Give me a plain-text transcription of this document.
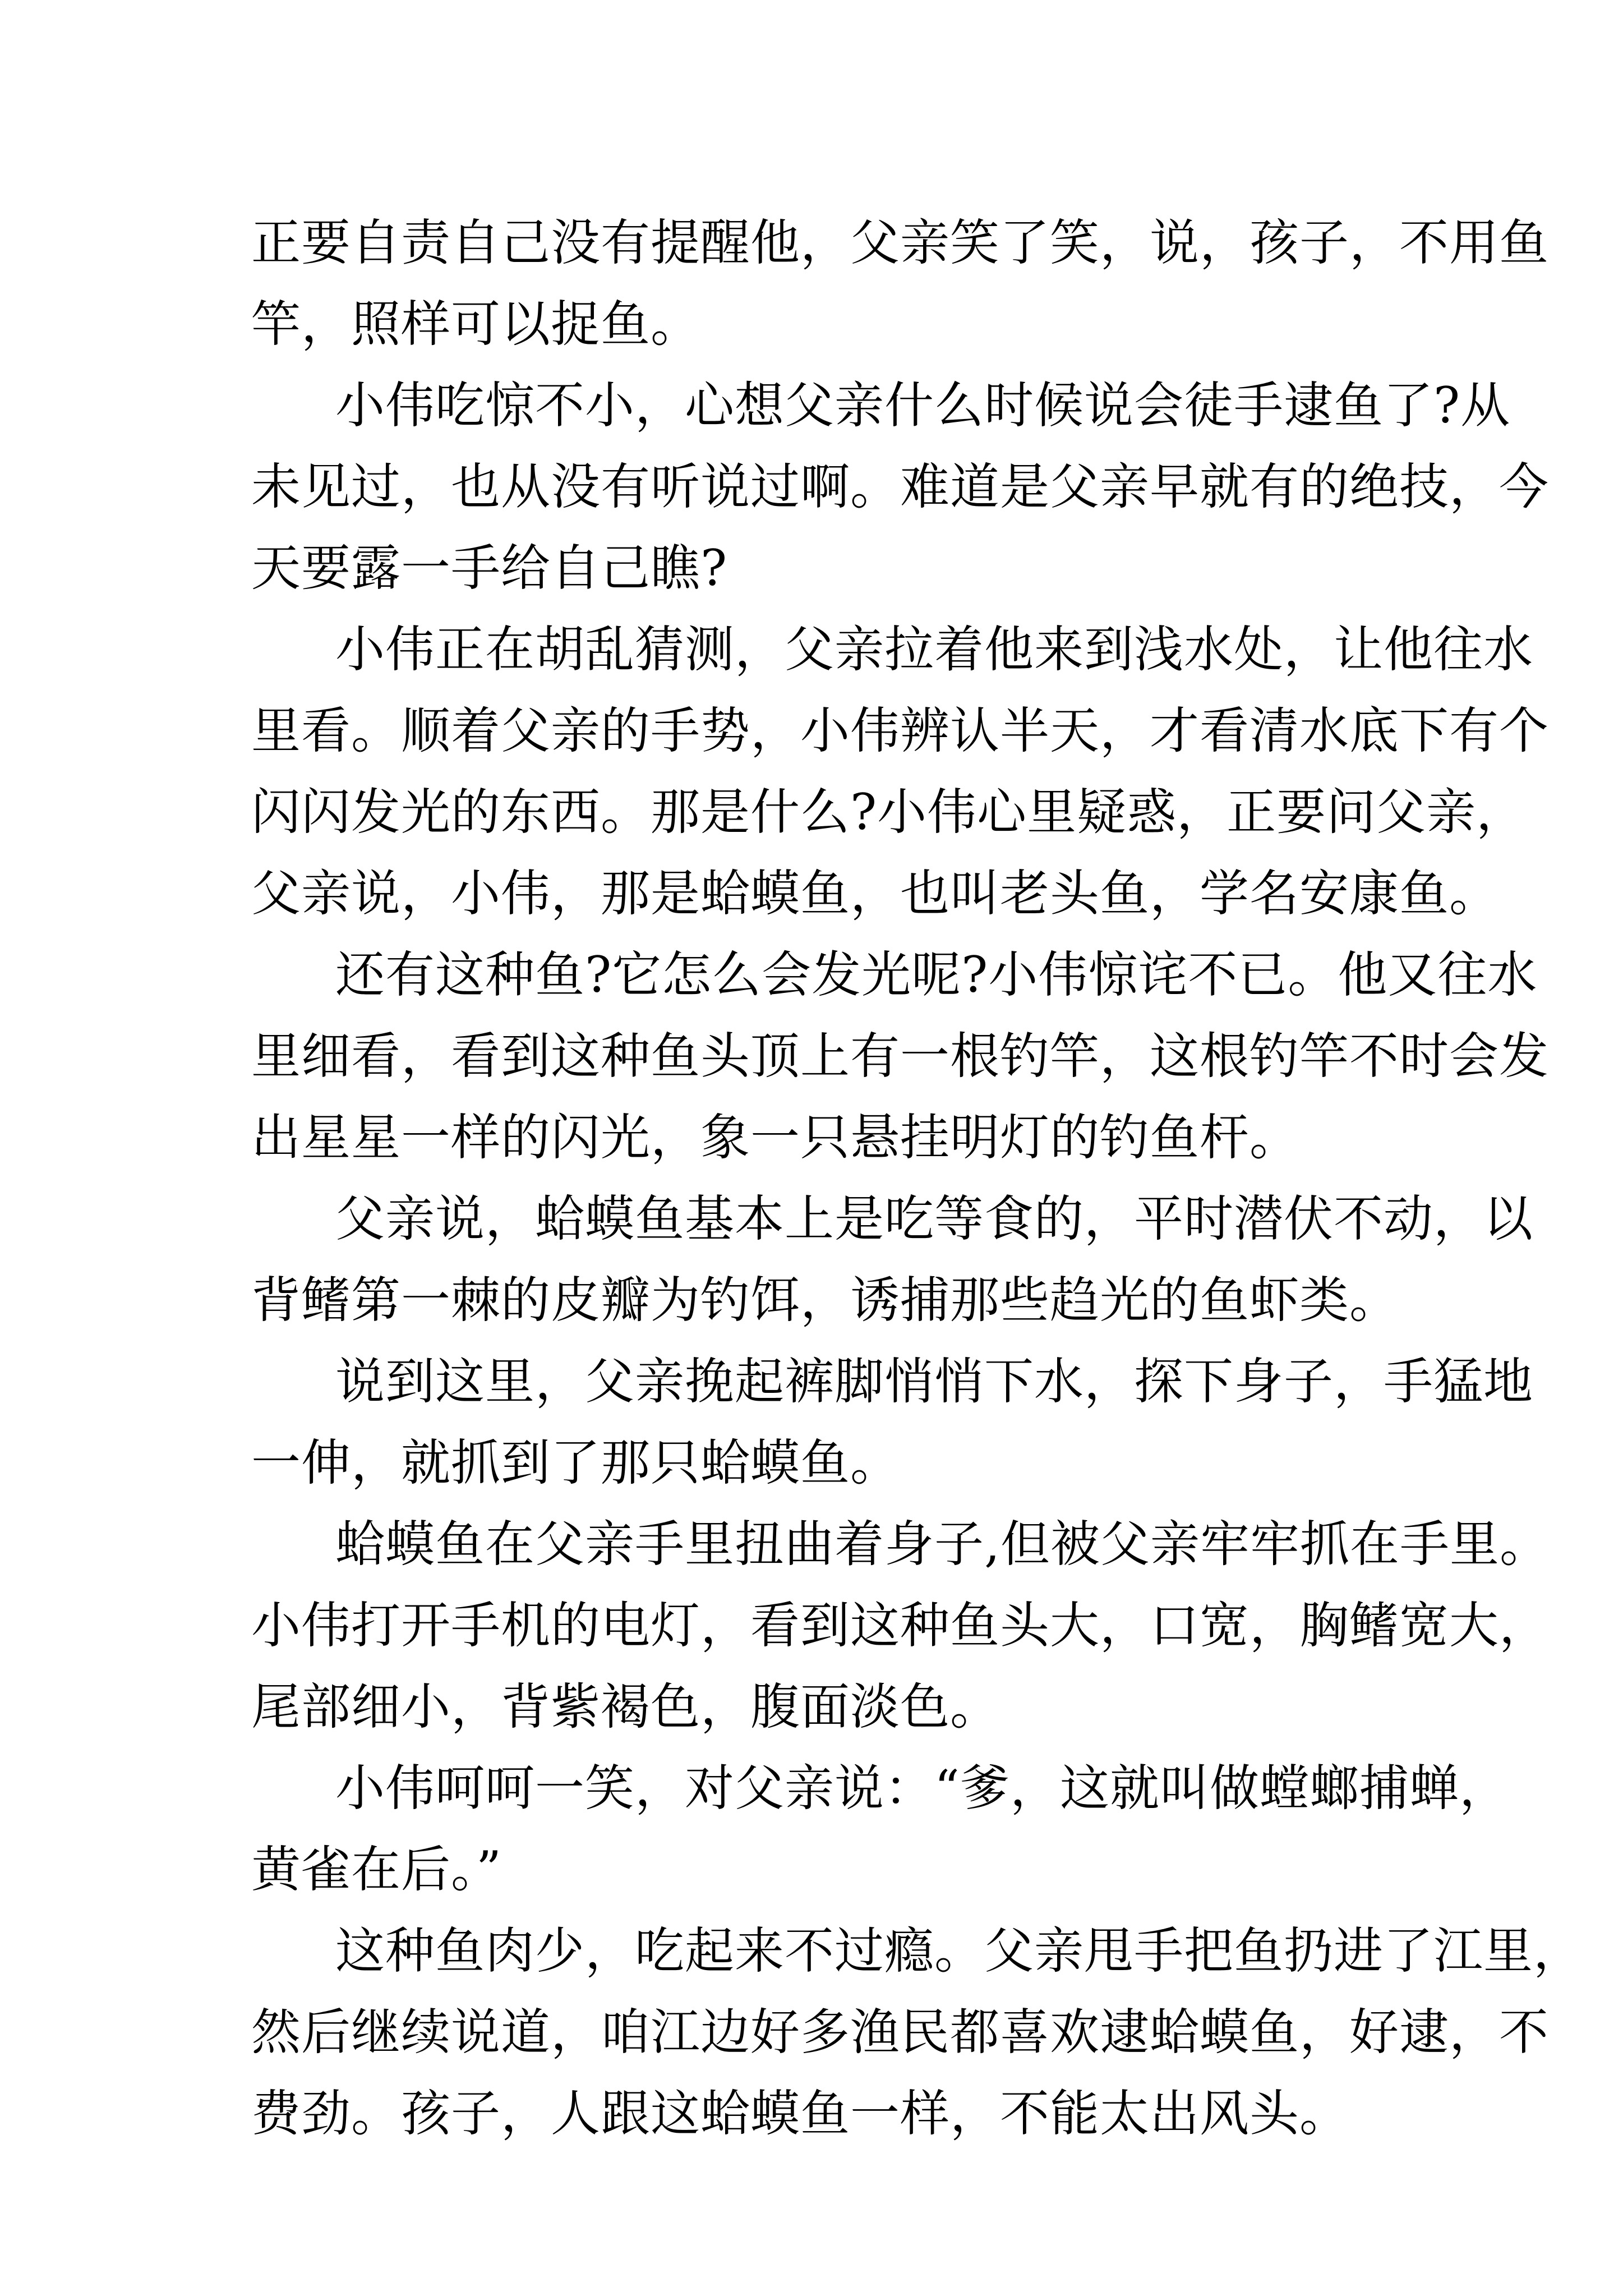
正要自责自己没有提醒他，父亲笑了笑，说，孩子，不用鱼
竿，照样可以捉鱼。
小伟吃惊不小，心想父亲什么时候说会徒手逮鱼了?从
未见过，也从没有听说过啊。难道是父亲早就有的绝技，今
天要露一手给自己瞧?
小伟正在胡乱猜测，父亲拉着他来到浅水处，让他往水
里看。顺着父亲的手势，小伟辨认半天，才看清水底下有个
闪闪发光的东西。那是什么?小伟心里疑惑，正要问父亲，
父亲说，小伟，那是蛤蟆鱼，也叫老头鱼，学名安康鱼。
还有这种鱼?它怎么会发光呢?小伟惊诧不已。他又往水
里细看，看到这种鱼头顶上有一根钓竿，这根钓竿不时会发
出星星一样的闪光，象一只悬挂明灯的钓鱼杆。
父亲说，蛤蟆鱼基本上是吃等食的，平时潜伏不动，以
背鳍第一棘的皮瓣为钓饵，诱捕那些趋光的鱼虾类。
说到这里，父亲挽起裤脚悄悄下水，探下身子，手猛地
一伸，就抓到了那只蛤蟆鱼。
蛤蟆鱼在父亲手里扭曲着身子,但被父亲牢牢抓在手里。
小伟打开手机的电灯，看到这种鱼头大，口宽，胸鳍宽大，
尾部细小，背紫褐色，腹面淡色。
小伟呵呵一笑，对父亲说：“爹，这就叫做螳螂捕蝉，
黄雀在后。”
这种鱼肉少，吃起来不过瘾。父亲甩手把鱼扔进了江里，
然后继续说道，咱江边好多渔民都喜欢逮蛤蟆鱼，好逮，不
费劲。孩子，人跟这蛤蟆鱼一样，不能太出风头。
